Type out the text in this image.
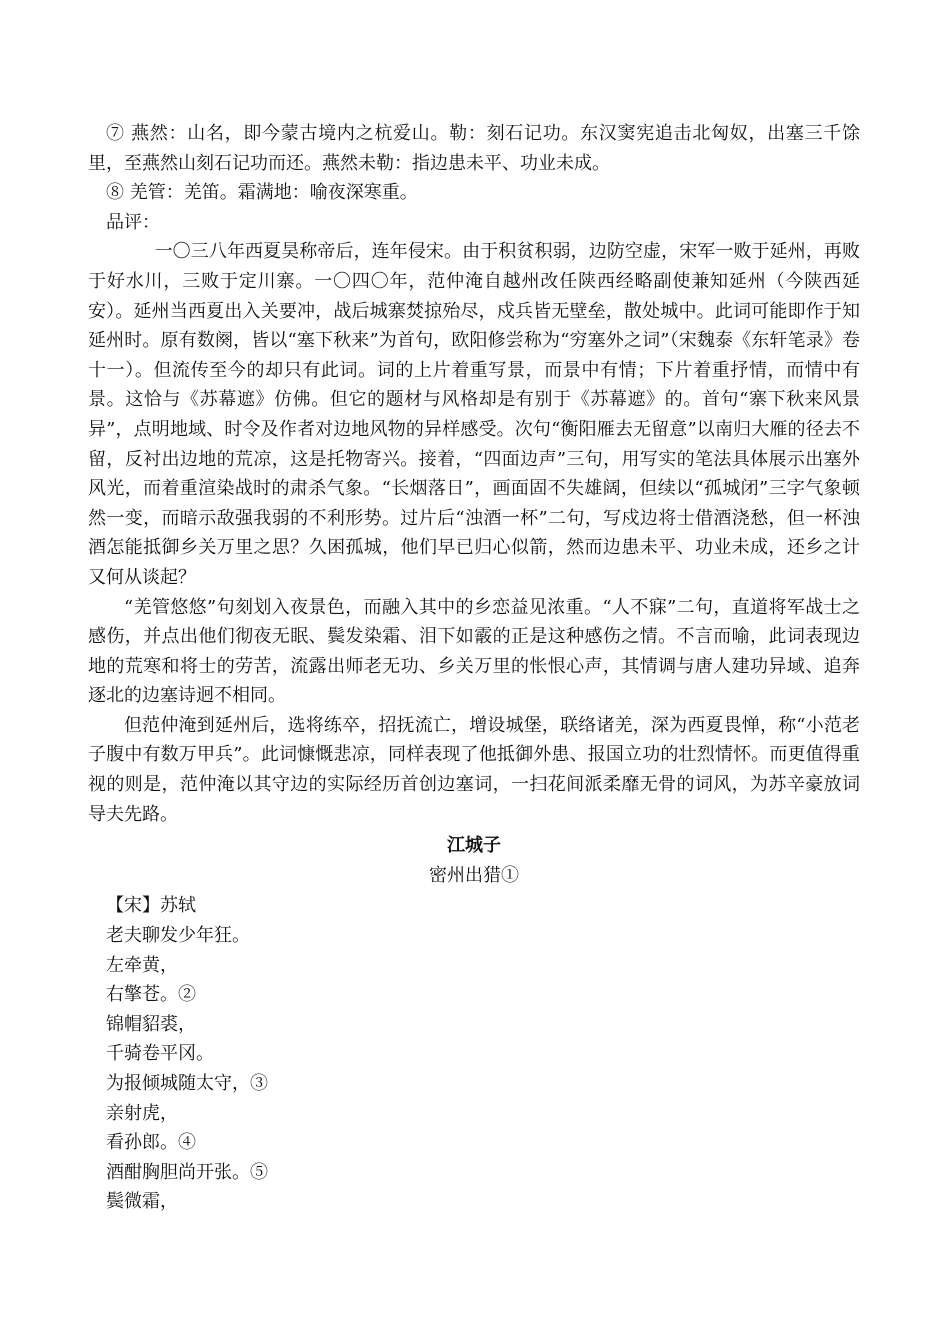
⑦ 燕然：山名，即今蒙古境内之杭爱山。勒：刻石记功。东汉窦宪追击北匈奴，出塞三千馀里，至燕然山刻石记功而还。燕然未勒：指边患未平、功业未成。

⑧ 羌管：羌笛。霜满地：喻夜深寒重。

品评：

一〇三八年西夏昊称帝后，连年侵宋。由于积贫积弱，边防空虚，宋军一败于延州，再败于好水川，三败于定川寨。一〇四〇年，范仲淹自越州改任陕西经略副使兼知延州（今陕西延安）。延州当西夏出入关要冲，战后城寨焚掠殆尽，戍兵皆无壁垒，散处城中。此词可能即作于知延州时。原有数阕，皆以“塞下秋来”为首句，欧阳修尝称为“穷塞外之词”（宋魏泰《东轩笔录》卷十一）。但流传至今的却只有此词。词的上片着重写景，而景中有情；下片着重抒情，而情中有景。这恰与《苏幕遮》仿佛。但它的题材与风格却是有别于《苏幕遮》的。首句“寨下秋来风景异”，点明地域、时令及作者对边地风物的异样感受。次句“衡阳雁去无留意”以南归大雁的径去不留，反衬出边地的荒凉，这是托物寄兴。接着，“四面边声”三句，用写实的笔法具体展示出塞外风光，而着重渲染战时的肃杀气象。“长烟落日”，画面固不失雄阔，但续以“孤城闭”三字气象顿然一变，而暗示敌强我弱的不利形势。过片后“浊酒一杯”二句，写戍边将士借酒浇愁，但一杯浊酒怎能抵御乡关万里之思？久困孤城，他们早已归心似箭，然而边患未平、功业未成，还乡之计又何从谈起？

“羌管悠悠”句刻划入夜景色，而融入其中的乡恋益见浓重。“人不寐”二句，直道将军战士之感伤，并点出他们彻夜无眠、鬓发染霜、泪下如霰的正是这种感伤之情。不言而喻，此词表现边地的荒寒和将士的劳苦，流露出师老无功、乡关万里的怅恨心声，其情调与唐人建功异域、追奔逐北的边塞诗迥不相同。

但范仲淹到延州后，选将练卒，招抚流亡，增设城堡，联络诸羌，深为西夏畏惮，称“小范老子腹中有数万甲兵”。此词慷慨悲凉，同样表现了他抵御外患、报国立功的壮烈情怀。而更值得重视的则是，范仲淹以其守边的实际经历首创边塞词，一扫花间派柔靡无骨的词风，为苏辛豪放词导夫先路。

江城子

密州出猎①

【宋】苏轼

老夫聊发少年狂。

左牵黄，

右擎苍。②

锦帽貂裘，

千骑卷平冈。

为报倾城随太守，③

亲射虎，

看孙郎。④

酒酣胸胆尚开张。⑤

鬓微霜，
